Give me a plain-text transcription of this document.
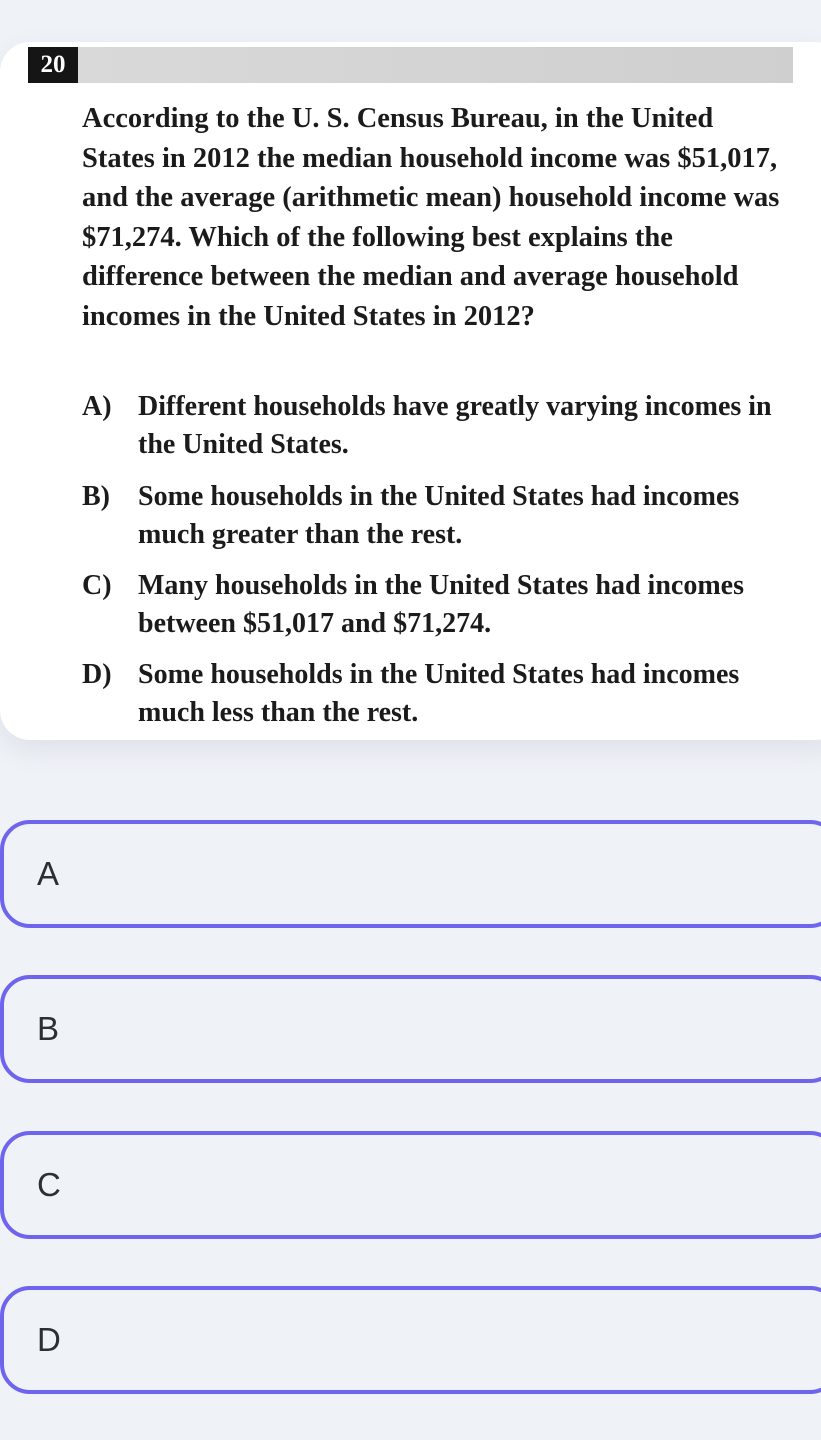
20

According to the U. S. Census Bureau, in the United States in 2012 the median household income was $51,017, and the average (arithmetic mean) household income was $71,274. Which of the following best explains the difference between the median and average household incomes in the United States in 2012?

A) Different households have greatly varying incomes in the United States.
B) Some households in the United States had incomes much greater than the rest.
C) Many households in the United States had incomes between $51,017 and $71,274.
D) Some households in the United States had incomes much less than the rest.
A
B
C
D
